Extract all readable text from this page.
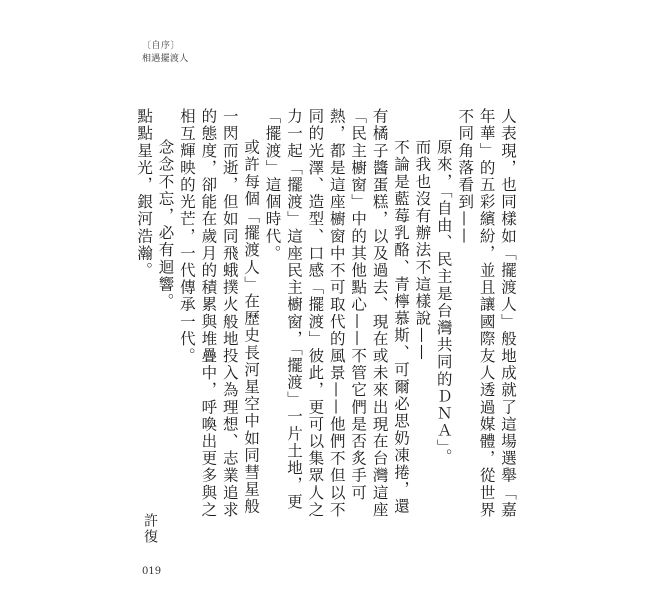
〔自序〕
相遇擺渡人

人表現，也同樣如「擺渡人」般地成就了這場選舉「嘉年華」的五彩繽紛，並且讓國際友人透過媒體，從世界不同角落看到——

原來，「自由、民主是台灣共同的ＤＮＡ」。

而我也沒有辦法不這樣說——

不論是藍莓乳酪、青檸慕斯、可爾必思奶凍捲，還有橘子醬蛋糕，以及過去、現在或未來出現在台灣這座「民主櫥窗」中的其他點心——不管它們是否炙手可熱，都是這座櫥窗中不可取代的風景——他們不但以不同的光澤、造型、口感「擺渡」彼此，更可以集眾人之力一起「擺渡」這座民主櫥窗，「擺渡」一片土地，更「擺渡」這個時代。

或許每個「擺渡人」在歷史長河星空中如同彗星般一閃而逝，但如同飛蛾撲火般地投入為理想、志業追求的態度，卻能在歲月的積累與堆疊中，呼喚出更多與之相互輝映的光芒，一代傳承一代。

念念不忘，必有迴響。

點點星光，銀河浩瀚。

許復
019
